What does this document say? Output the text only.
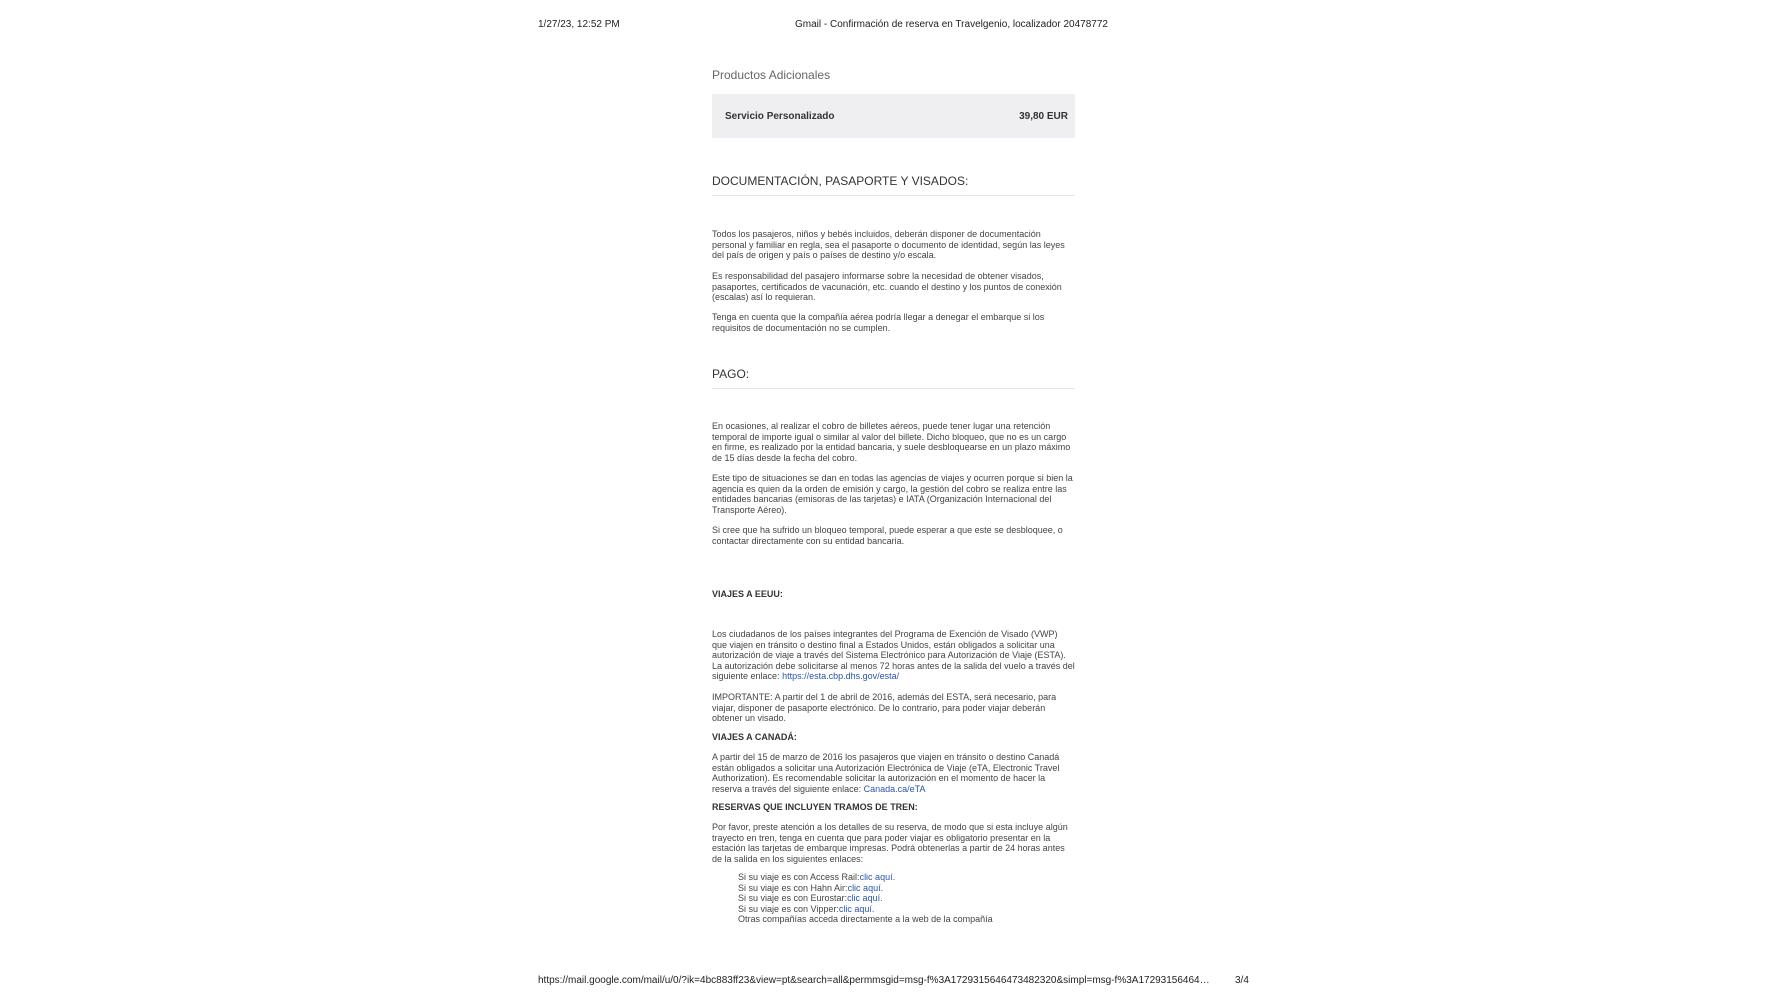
1/27/23, 12:52 PM	Gmail - Confirmación de reserva en Travelgenio, localizador 20478772
Productos Adicionales
Servicio Personalizado	39,80 EUR
DOCUMENTACIÓN, PASAPORTE Y VISADOS:
Todos los pasajeros, niños y bebés incluidos, deberán disponer de documentación personal y familiar en regla, sea el pasaporte o documento de identidad, según las leyes del país de origen y país o países de destino y/o escala.
Es responsabilidad del pasajero informarse sobre la necesidad de obtener visados, pasaportes, certificados de vacunación, etc. cuando el destino y los puntos de conexión (escalas) así lo requieran.
Tenga en cuenta que la compañía aérea podría llegar a denegar el embarque si los requisitos de documentación no se cumplen.
PAGO:
En ocasiones, al realizar el cobro de billetes aéreos, puede tener lugar una retención temporal de importe igual o similar al valor del billete. Dicho bloqueo, que no es un cargo en firme, es realizado por la entidad bancaria, y suele desbloquearse en un plazo máximo de 15 días desde la fecha del cobro.
Este tipo de situaciones se dan en todas las agencias de viajes y ocurren porque si bien la agencia es quien da la orden de emisión y cargo, la gestión del cobro se realiza entre las entidades bancarias (emisoras de las tarjetas) e IATA (Organización Internacional del Transporte Aéreo).
Si cree que ha sufrido un bloqueo temporal, puede esperar a que este se desbloquee, o contactar directamente con su entidad bancaria.
VIAJES A EEUU:
Los ciudadanos de los países integrantes del Programa de Exención de Visado (VWP) que viajen en tránsito o destino final a Estados Unidos, están obligados a solicitar una autorización de viaje a través del Sistema Electrónico para Autorización de Viaje (ESTA). La autorización debe solicitarse al menos 72 horas antes de la salida del vuelo a través del siguiente enlace: https://esta.cbp.dhs.gov/esta/
IMPORTANTE: A partir del 1 de abril de 2016, además del ESTA, será necesario, para viajar, disponer de pasaporte electrónico. De lo contrario, para poder viajar deberán obtener un visado.
VIAJES A CANADÁ:
A partir del 15 de marzo de 2016 los pasajeros que viajen en tránsito o destino Canadá están obligados a solicitar una Autorización Electrónica de Viaje (eTA, Electronic Travel Authorization). Es recomendable solicitar la autorización en el momento de hacer la reserva a través del siguiente enlace: Canada.ca/eTA
RESERVAS QUE INCLUYEN TRAMOS DE TREN:
Por favor, preste atención a los detalles de su reserva, de modo que si esta incluye algún trayecto en tren, tenga en cuenta que para poder viajar es obligatorio presentar en la estación las tarjetas de embarque impresas. Podrá obtenerlas a partir de 24 horas antes de la salida en los siguientes enlaces:
Si su viaje es con Access Rail:clic aquí.
Si su viaje es con Hahn Air:clic aquí.
Si su viaje es con Eurostar:clic aquí.
Si su viaje es con Vipper:clic aquí.
Otras compañías acceda directamente a la web de la compañía
https://mail.google.com/mail/u/0/?ik=4bc883ff23&view=pt&search=all&permmsgid=msg-f%3A1729315646473482320&simpl=msg-f%3A17293156464…	3/4
